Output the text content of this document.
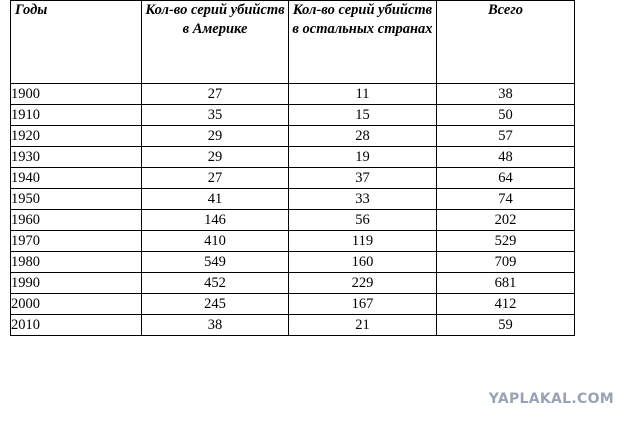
Годы	Кол-во серий убийств в Америке	Кол-во серий убийств в остальных странах	Всего
1900	27	11	38
1910	35	15	50
1920	29	28	57
1930	29	19	48
1940	27	37	64
1950	41	33	74
1960	146	56	202
1970	410	119	529
1980	549	160	709
1990	452	229	681
2000	245	167	412
2010	38	21	59
YAPLAKAL.COM
